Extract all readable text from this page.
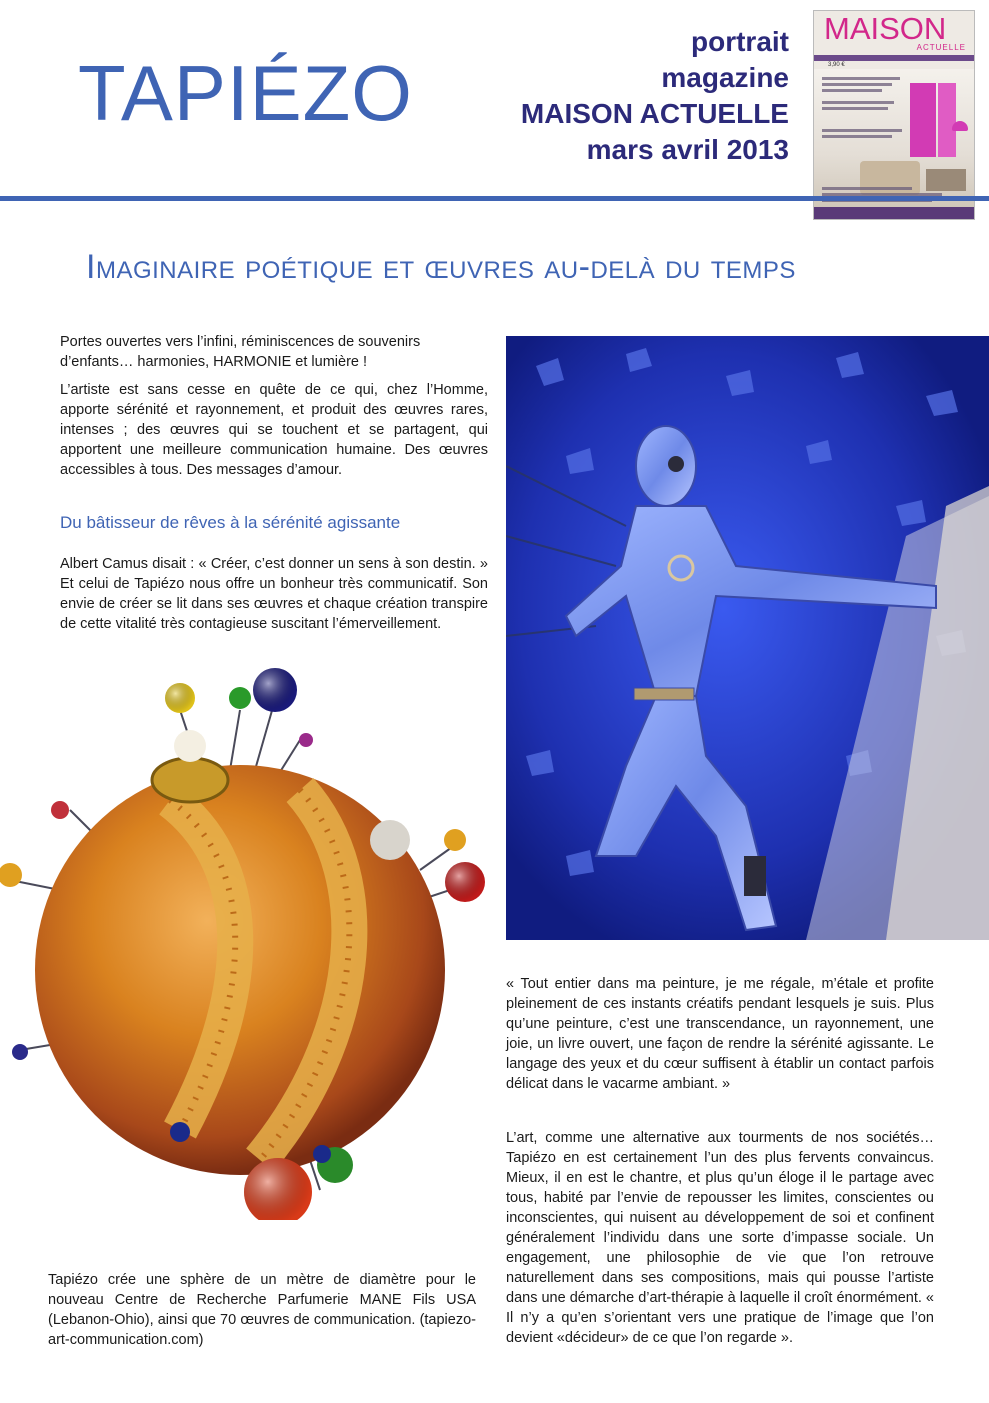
TAPIÉZO
portrait
magazine
MAISON ACTUELLE
mars avril 2013
MAISON
ACTUELLE
3,90 €
Imaginaire poétique et œuvres au-delà du temps
Portes ouvertes vers l’infini, réminiscences de souvenirs d’enfants… harmonies, HARMONIE et lumière !
L’artiste est sans cesse en quête de ce qui, chez l’Homme, apporte sérénité et rayonnement, et produit des œuvres rares, intenses ; des œuvres qui se touchent et se partagent, qui apportent une meilleure communication humaine. Des œuvres accessibles à tous. Des messages d’amour.
Du bâtisseur de rêves à la sérénité agissante
Albert Camus disait : « Créer, c’est donner un sens à son destin. » Et celui de Tapiézo nous offre un bonheur très communicatif. Son envie de créer se lit dans ses œuvres et chaque création transpire de cette vitalité très contagieuse suscitant l’émerveillement.
Tapiézo crée une sphère de un mètre de diamètre pour le nouveau Centre de Recherche Parfumerie MANE Fils USA (Lebanon-Ohio), ainsi que 70 œuvres de communication. (tapiezo-art-communication.com)
« Tout entier dans ma peinture, je me régale, m’étale et profite pleinement de ces instants créatifs pendant lesquels je suis. Plus qu’une peinture, c’est une transcendance, un rayonnement, une joie, un livre ouvert, une façon de rendre la sérénité agissante. Le langage des yeux et du cœur suffisent à établir un contact parfois délicat dans le vacarme ambiant. »
L’art, comme une alternative aux tourments de nos sociétés… Tapiézo en est certainement l’un des plus fervents convaincus. Mieux, il en est le chantre, et plus qu’un éloge il le partage avec tous, habité par l’envie de repousser les limites, conscientes ou inconscientes, qui nuisent au développement de soi et confinent généralement l’individu dans une sorte d’impasse sociale. Un engagement, une philosophie de vie que l’on retrouve naturellement dans ses compositions, mais qui pousse l’artiste dans une démarche d’art-thérapie à laquelle il croît énormément. « Il n’y a qu’en s’orientant vers une pratique de l’image que l’on devient «décideur» de ce que l’on regarde ».
